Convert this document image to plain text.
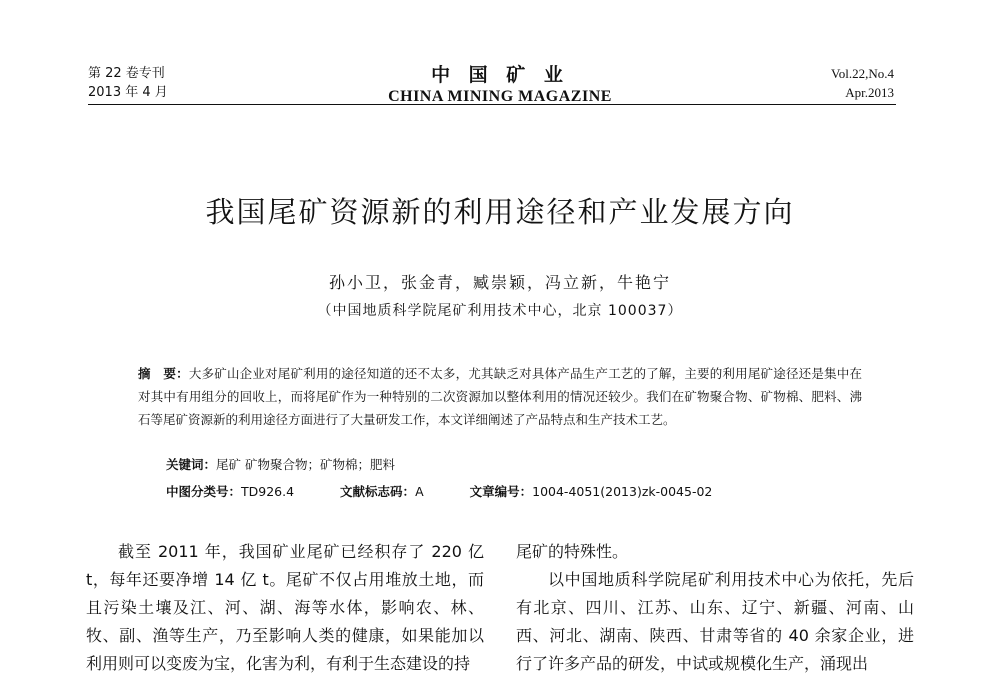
第 22 卷专刊
2013 年 4 月
中 国 矿 业
CHINA MINING MAGAZINE
Vol.22,No.4
Apr.2013
我国尾矿资源新的利用途径和产业发展方向
孙小卫，张金青，臧崇颖，冯立新，牛艳宁
（中国地质科学院尾矿利用技术中心，北京 100037）
摘　要：大多矿山企业对尾矿利用的途径知道的还不太多，尤其缺乏对具体产品生产工艺的了解，主要的利用尾矿途径还是集中在对其中有用组分的回收上，而将尾矿作为一种特别的二次资源加以整体利用的情况还较少。我们在矿物聚合物、矿物棉、肥料、沸石等尾矿资源新的利用途径方面进行了大量研发工作，本文详细阐述了产品特点和生产技术工艺。
关键词：尾矿 矿物聚合物；矿物棉；肥料
中图分类号：TD926.4	文献标志码：A	文章编号：1004-4051(2013)zk-0045-02

截至 2011 年，我国矿业尾矿已经积存了 220 亿 t，每年还要净增 14 亿 t。尾矿不仅占用堆放土地，而且污染土壤及江、河、湖、海等水体，影响农、林、牧、副、渔等生产，乃至影响人类的健康，如果能加以利用则可以变废为宝，化害为利，有利于生态建设的持

尾矿的特殊性。

以中国地质科学院尾矿利用技术中心为依托，先后有北京、四川、江苏、山东、辽宁、新疆、河南、山西、河北、湖南、陕西、甘肃等省的 40 余家企业，进行了许多产品的研发，中试或规模化生产，涌现出
